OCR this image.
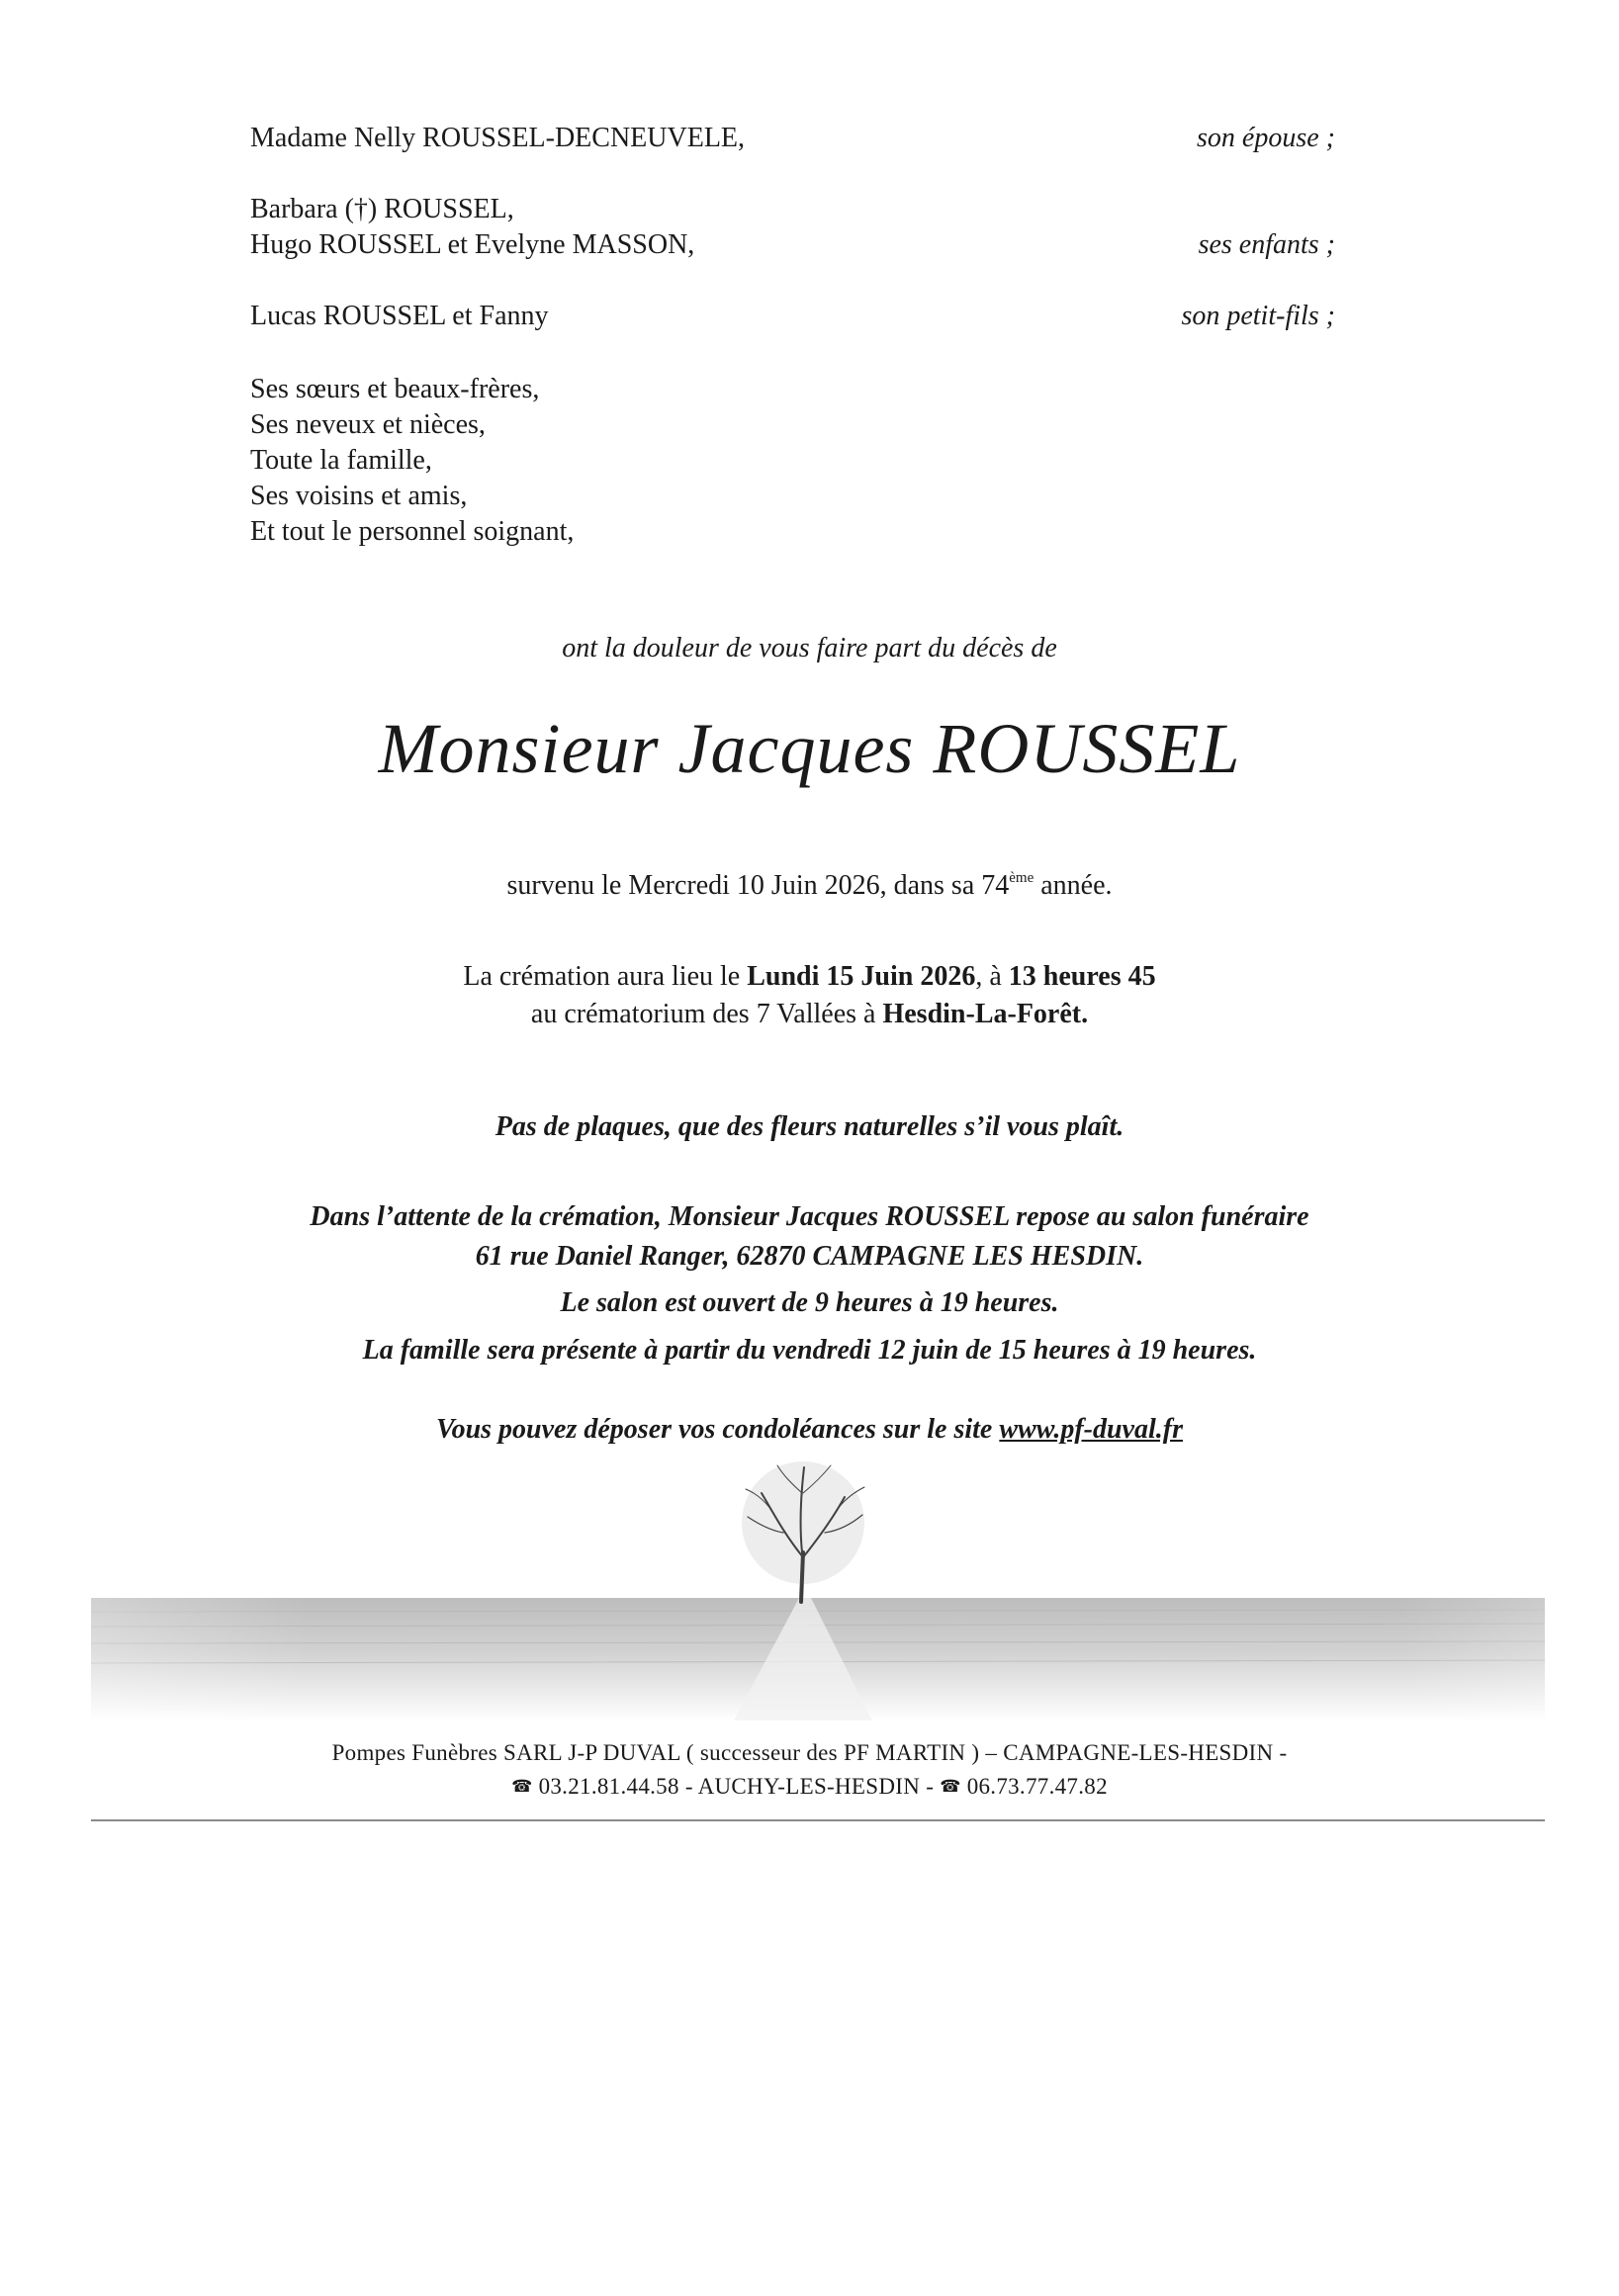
Madame Nelly ROUSSEL-DECNEUVELE,	son épouse ;
Barbara (†) ROUSSEL,
Hugo ROUSSEL et Evelyne MASSON,	ses enfants ;
Lucas ROUSSEL et Fanny	son petit-fils ;
Ses sœurs et beaux-frères,
Ses neveux et nièces,
Toute la famille,
Ses voisins et amis,
Et tout le personnel soignant,
ont la douleur de vous faire part du décès de
Monsieur Jacques ROUSSEL
survenu le Mercredi 10 Juin 2026, dans sa 74ème année.
La crémation aura lieu le Lundi 15 Juin 2026, à 13 heures 45
au crématorium des 7 Vallées à Hesdin-La-Forêt.
Pas de plaques, que des fleurs naturelles s’il vous plaît.
Dans l’attente de la crémation, Monsieur Jacques ROUSSEL repose au salon funéraire
61 rue Daniel Ranger, 62870 CAMPAGNE LES HESDIN.
Le salon est ouvert de 9 heures à 19 heures.
La famille sera présente à partir du vendredi 12 juin de 15 heures à 19 heures.
Vous pouvez déposer vos condoléances sur le site www.pf-duval.fr
Pompes Funèbres SARL J-P DUVAL ( successeur des PF MARTIN ) – CAMPAGNE-LES-HESDIN -
☎ 03.21.81.44.58 - AUCHY-LES-HESDIN - ☎ 06.73.77.47.82
